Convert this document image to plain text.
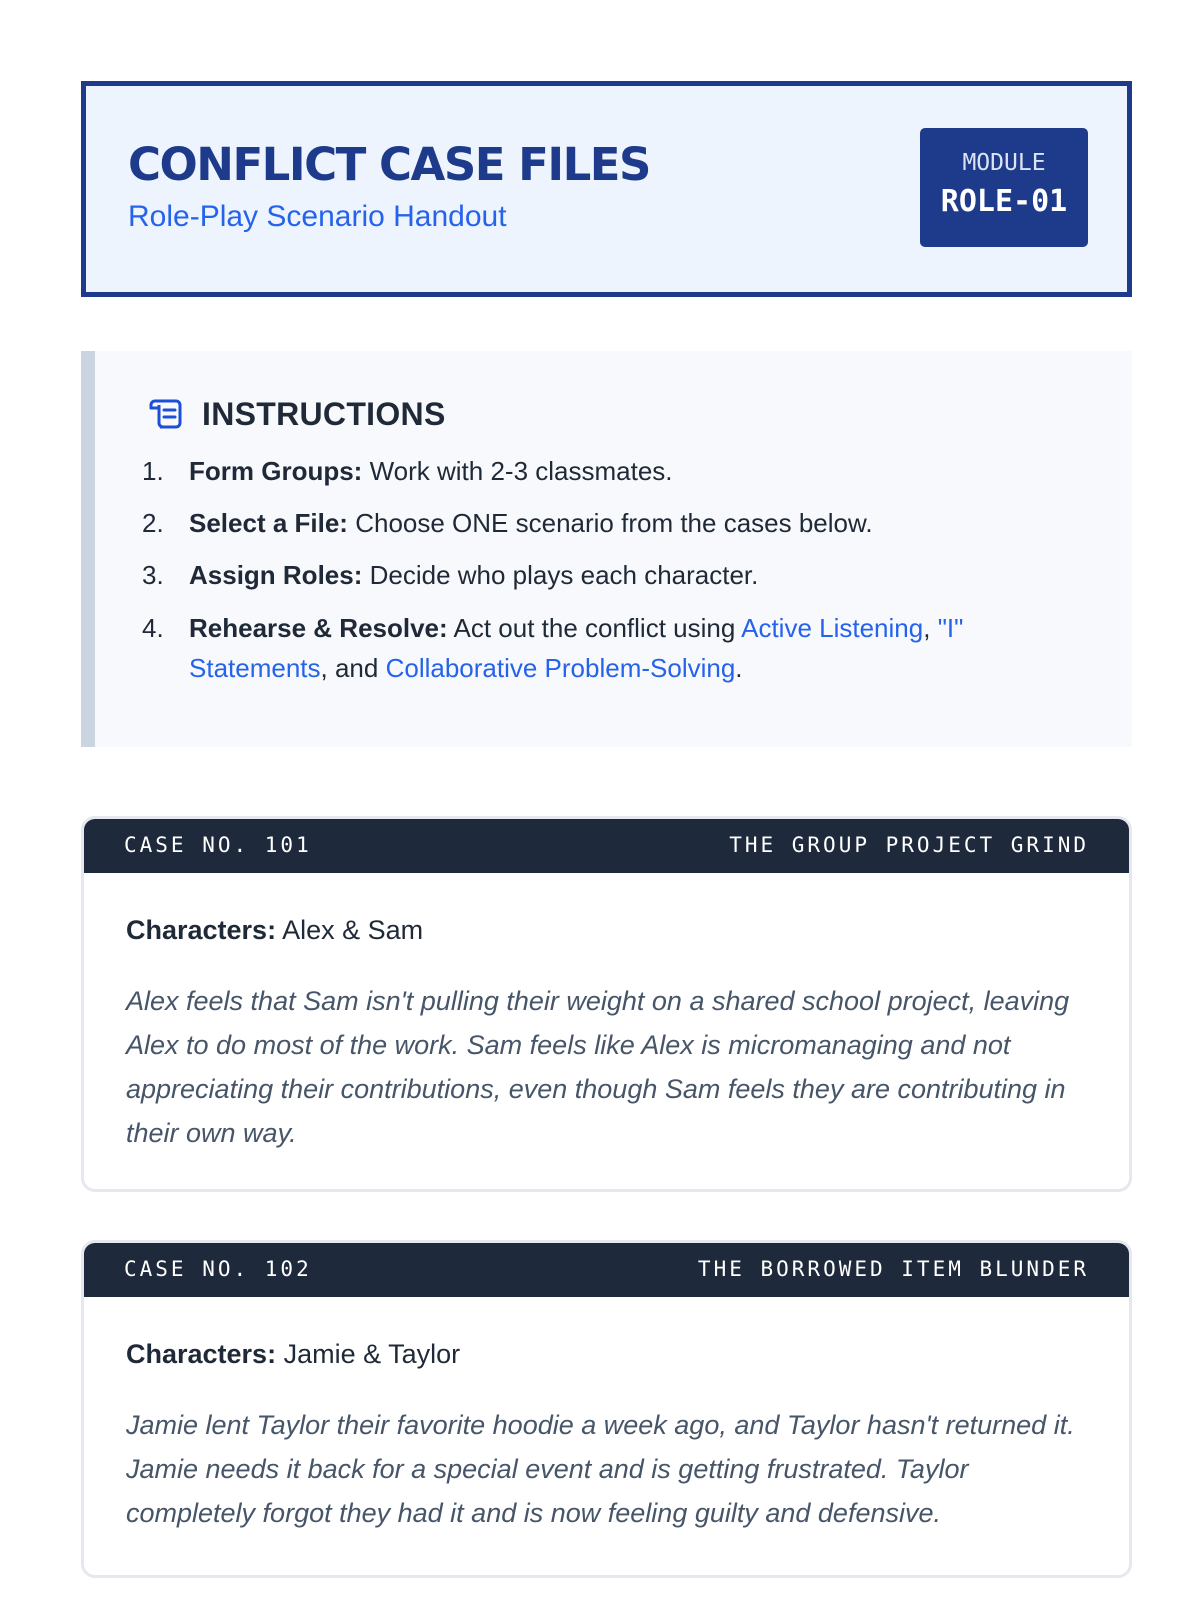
CONFLICT CASE FILES
Role-Play Scenario Handout
MODULE
ROLE-01
INSTRUCTIONS
1. Form Groups: Work with 2-3 classmates.
2. Select a File: Choose ONE scenario from the cases below.
3. Assign Roles: Decide who plays each character.
4. Rehearse & Resolve: Act out the conflict using Active Listening, "I" Statements, and Collaborative Problem-Solving.
CASE NO. 101	THE GROUP PROJECT GRIND
Characters: Alex & Sam
Alex feels that Sam isn't pulling their weight on a shared school project, leaving Alex to do most of the work. Sam feels like Alex is micromanaging and not appreciating their contributions, even though Sam feels they are contributing in their own way.
CASE NO. 102	THE BORROWED ITEM BLUNDER
Characters: Jamie & Taylor
Jamie lent Taylor their favorite hoodie a week ago, and Taylor hasn't returned it. Jamie needs it back for a special event and is getting frustrated. Taylor completely forgot they had it and is now feeling guilty and defensive.
